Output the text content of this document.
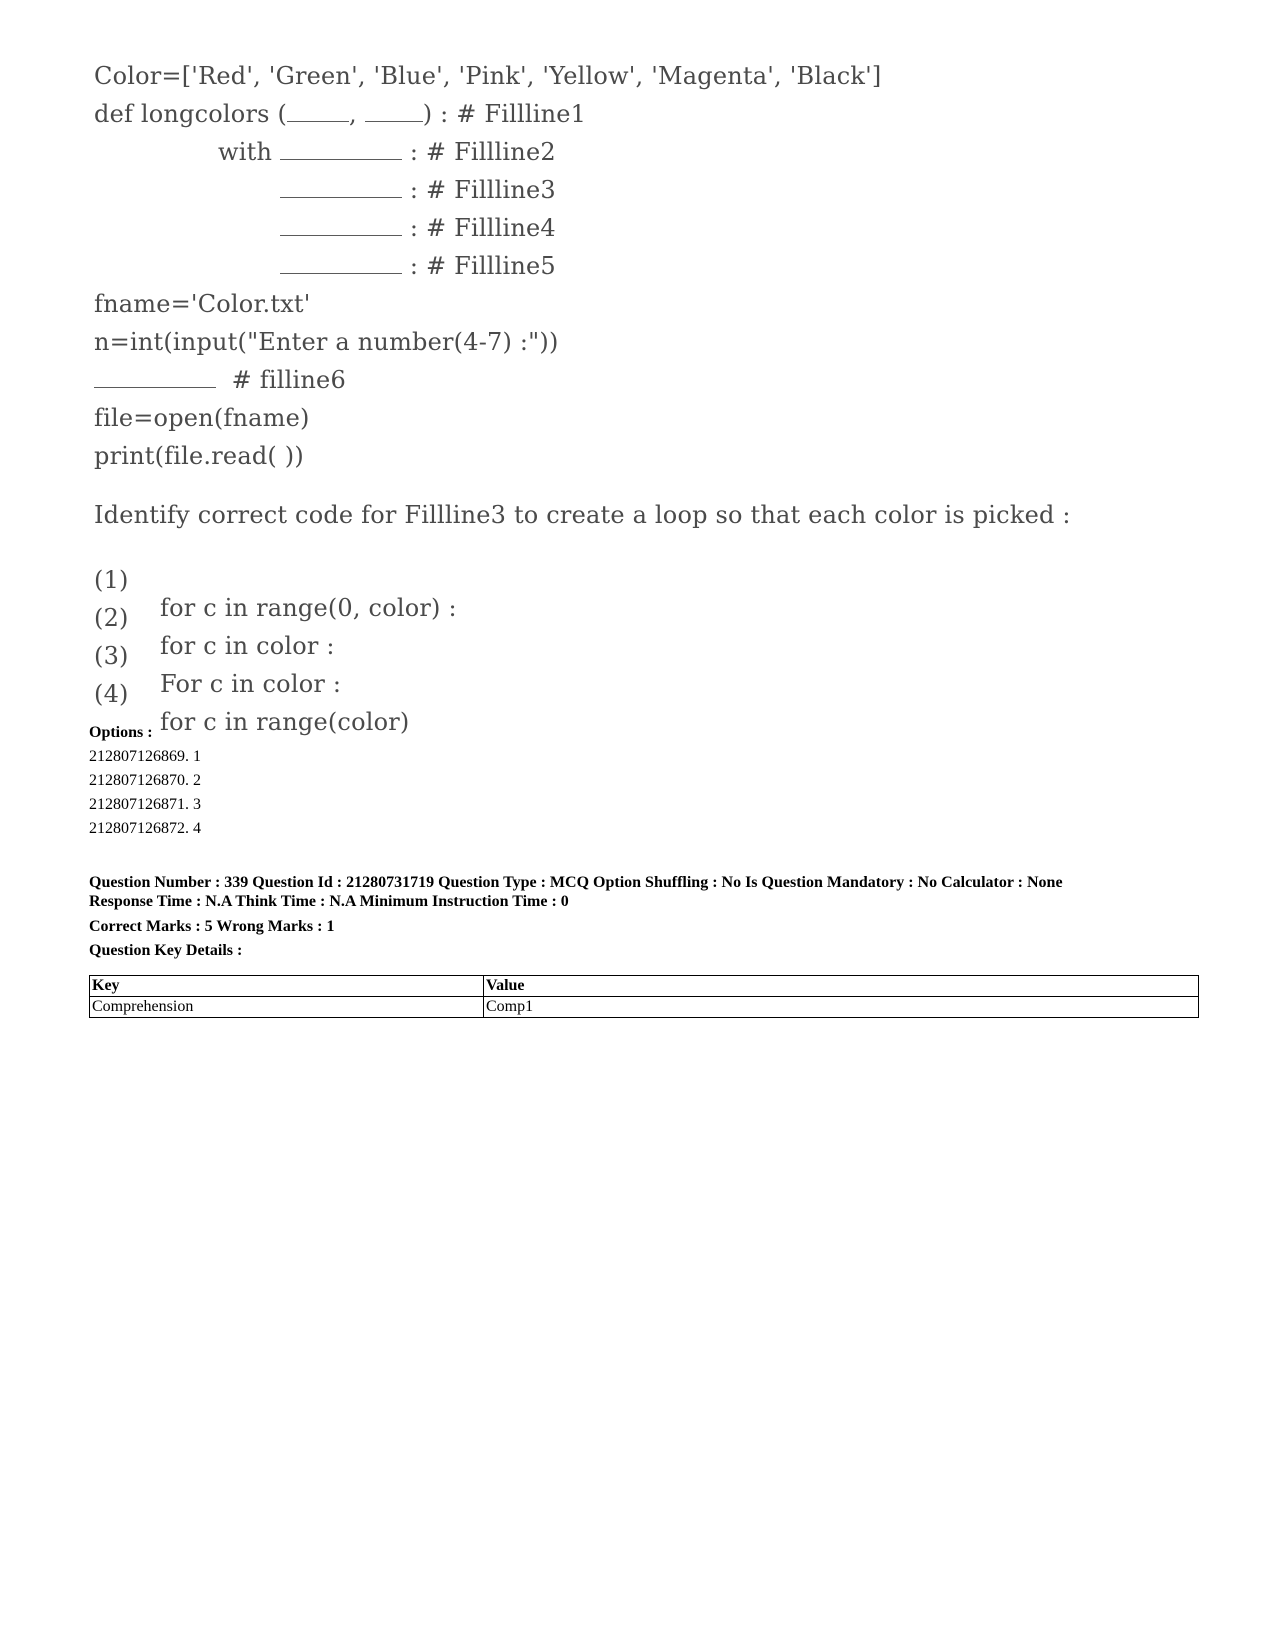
Color=['Red', 'Green', 'Blue', 'Pink', 'Yellow', 'Magenta', 'Black']
def longcolors (	,	) : # Fillline1
with	: # Fillline2
: # Fillline3
: # Fillline4
: # Fillline5
fname='Color.txt'
n=int(input("Enter a number(4-7) :"))
# filline6
file=open(fname)
print(file.read( ))
Identify correct code for Fillline3 to create a loop so that each color is picked :

(1)

for c in range(0, color) :

(2)

for c in color :

(3)

For c in color :

(4)

for c in range(color)

Options :
212807126869. 1
212807126870. 2
212807126871. 3
212807126872. 4
Question Number : 339 Question Id : 21280731719 Question Type : MCQ Option Shuffling : No Is Question Mandatory : No Calculator : None
Response Time : N.A Think Time : N.A Minimum Instruction Time : 0
Correct Marks : 5 Wrong Marks : 1
Question Key Details :
Key	Value
Comprehension	Comp1
